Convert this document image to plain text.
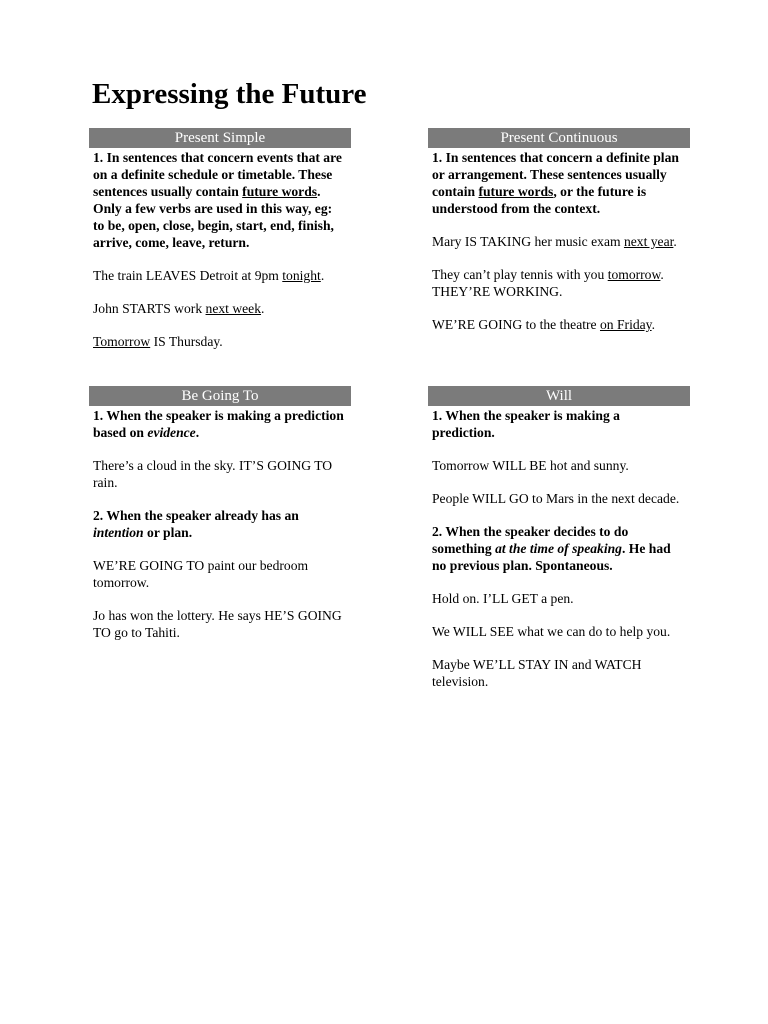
Expressing the Future
Present Simple

1. In sentences that concern events that are on a definite schedule or timetable. These sentences usually contain future words. Only a few verbs are used in this way, eg: to be, open, close, begin, start, end, finish, arrive, come, leave, return.

The train LEAVES Detroit at 9pm tonight.

John STARTS work next week.

Tomorrow IS Thursday.

Present Continuous

1. In sentences that concern a definite plan or arrangement. These sentences usually contain future words, or the future is understood from the context.

Mary IS TAKING her music exam next year.

They can’t play tennis with you tomorrow. THEY’RE WORKING.

WE’RE GOING to the theatre on Friday.

Be Going To

1. When the speaker is making a prediction based on evidence.

There’s a cloud in the sky. IT’S GOING TO rain.

2. When the speaker already has an intention or plan.

WE’RE GOING TO paint our bedroom tomorrow.

Jo has won the lottery. He says HE’S GOING TO go to Tahiti.

Will

1. When the speaker is making a prediction.

Tomorrow WILL BE hot and sunny.

People WILL GO to Mars in the next decade.

2. When the speaker decides to do something at the time of speaking. He had no previous plan. Spontaneous.

Hold on. I’LL GET a pen.

We WILL SEE what we can do to help you.

Maybe WE’LL STAY IN and WATCH television.
